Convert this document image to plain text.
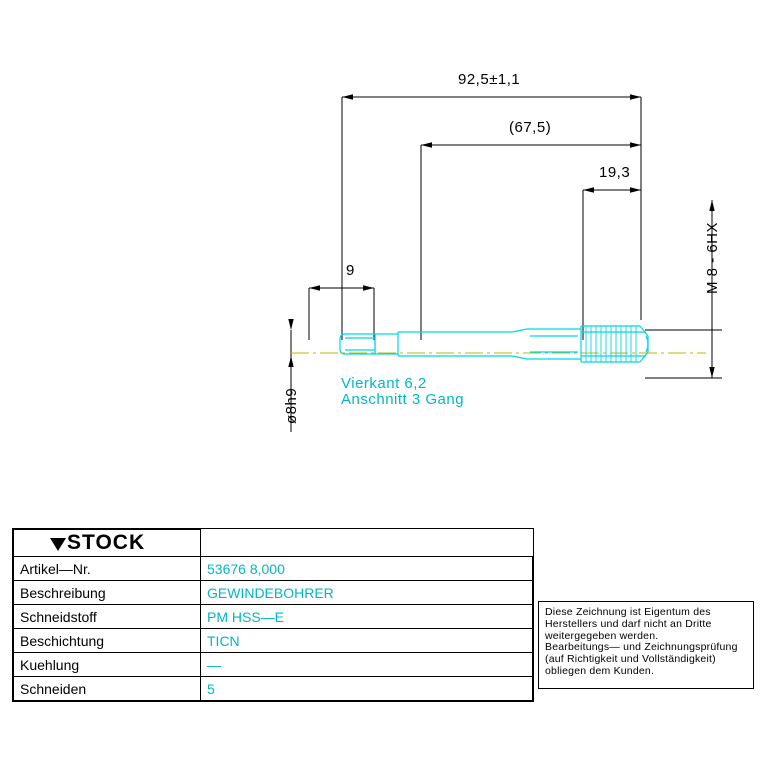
92,5±1,1
(67,5)
19,3
9	M 8 - 6HX
ø8h9
Vierkant 6,2
Anschnitt 3 Gang
STOCK	

Artikel—Nr.	53676 8,000
Beschreibung	GEWINDEBOHRER
Schneidstoff	PM HSS—E
Beschichtung	TICN
Kuehlung	—
Schneiden	5

Diese Zeichnung ist Eigentum des

Herstellers und darf nicht an Dritte

weitergegeben werden.

Bearbeitungs— und Zeichnungsprüfung

(auf Richtigkeit und Vollständigkeit)

obliegen dem Kunden.
